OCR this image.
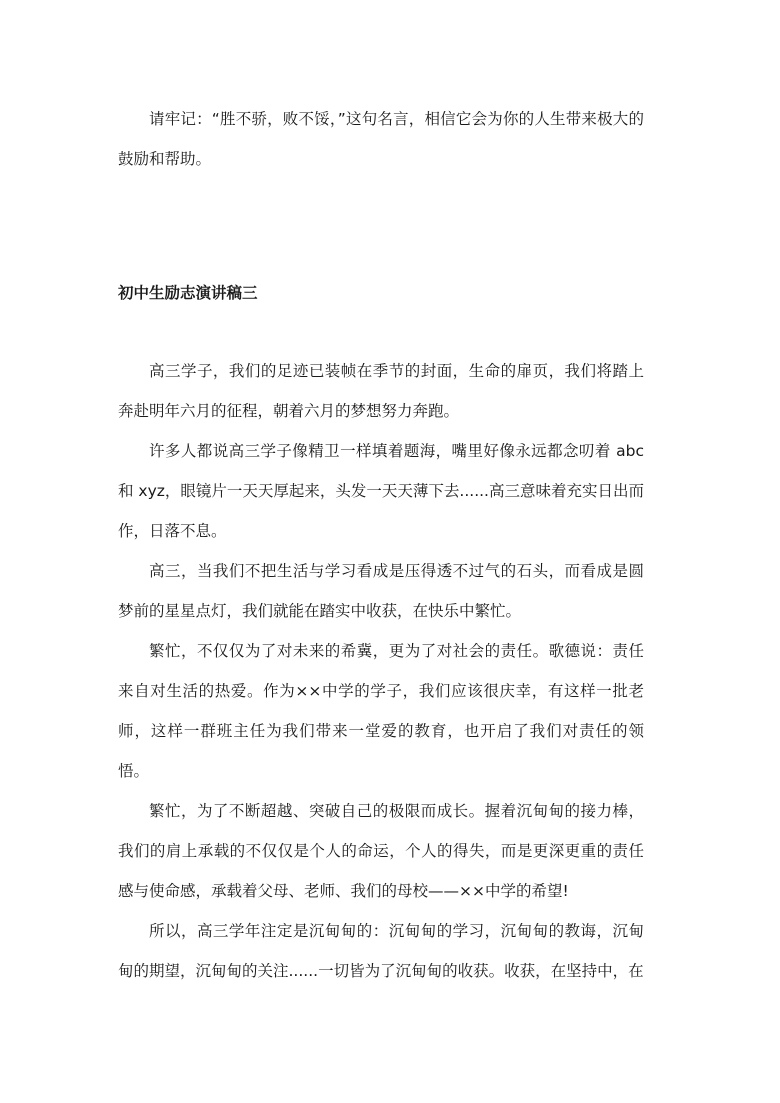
请牢记：“胜不骄，败不馁，”这句名言，相信它会为你的人生带来极大的鼓励和帮助。

初中生励志演讲稿三

高三学子，我们的足迹已装帧在季节的封面，生命的扉页，我们将踏上奔赴明年六月的征程，朝着六月的梦想努力奔跑。

许多人都说高三学子像精卫一样填着题海，嘴里好像永远都念叨着 abc 和 xyz，眼镜片一天天厚起来，头发一天天薄下去......高三意味着充实日出而作，日落不息。

高三，当我们不把生活与学习看成是压得透不过气的石头，而看成是圆梦前的星星点灯，我们就能在踏实中收获，在快乐中繁忙。

繁忙，不仅仅为了对未来的希冀，更为了对社会的责任。歌德说：责任来自对生活的热爱。作为××中学的学子，我们应该很庆幸，有这样一批老师，这样一群班主任为我们带来一堂爱的教育，也开启了我们对责任的领悟。

繁忙，为了不断超越、突破自己的极限而成长。握着沉甸甸的接力棒，我们的肩上承载的不仅仅是个人的命运，个人的得失，而是更深更重的责任感与使命感，承载着父母、老师、我们的母校——××中学的希望!

所以，高三学年注定是沉甸甸的：沉甸甸的学习，沉甸甸的教诲，沉甸甸的期望，沉甸甸的关注......一切皆为了沉甸甸的收获。收获，在坚持中，在
